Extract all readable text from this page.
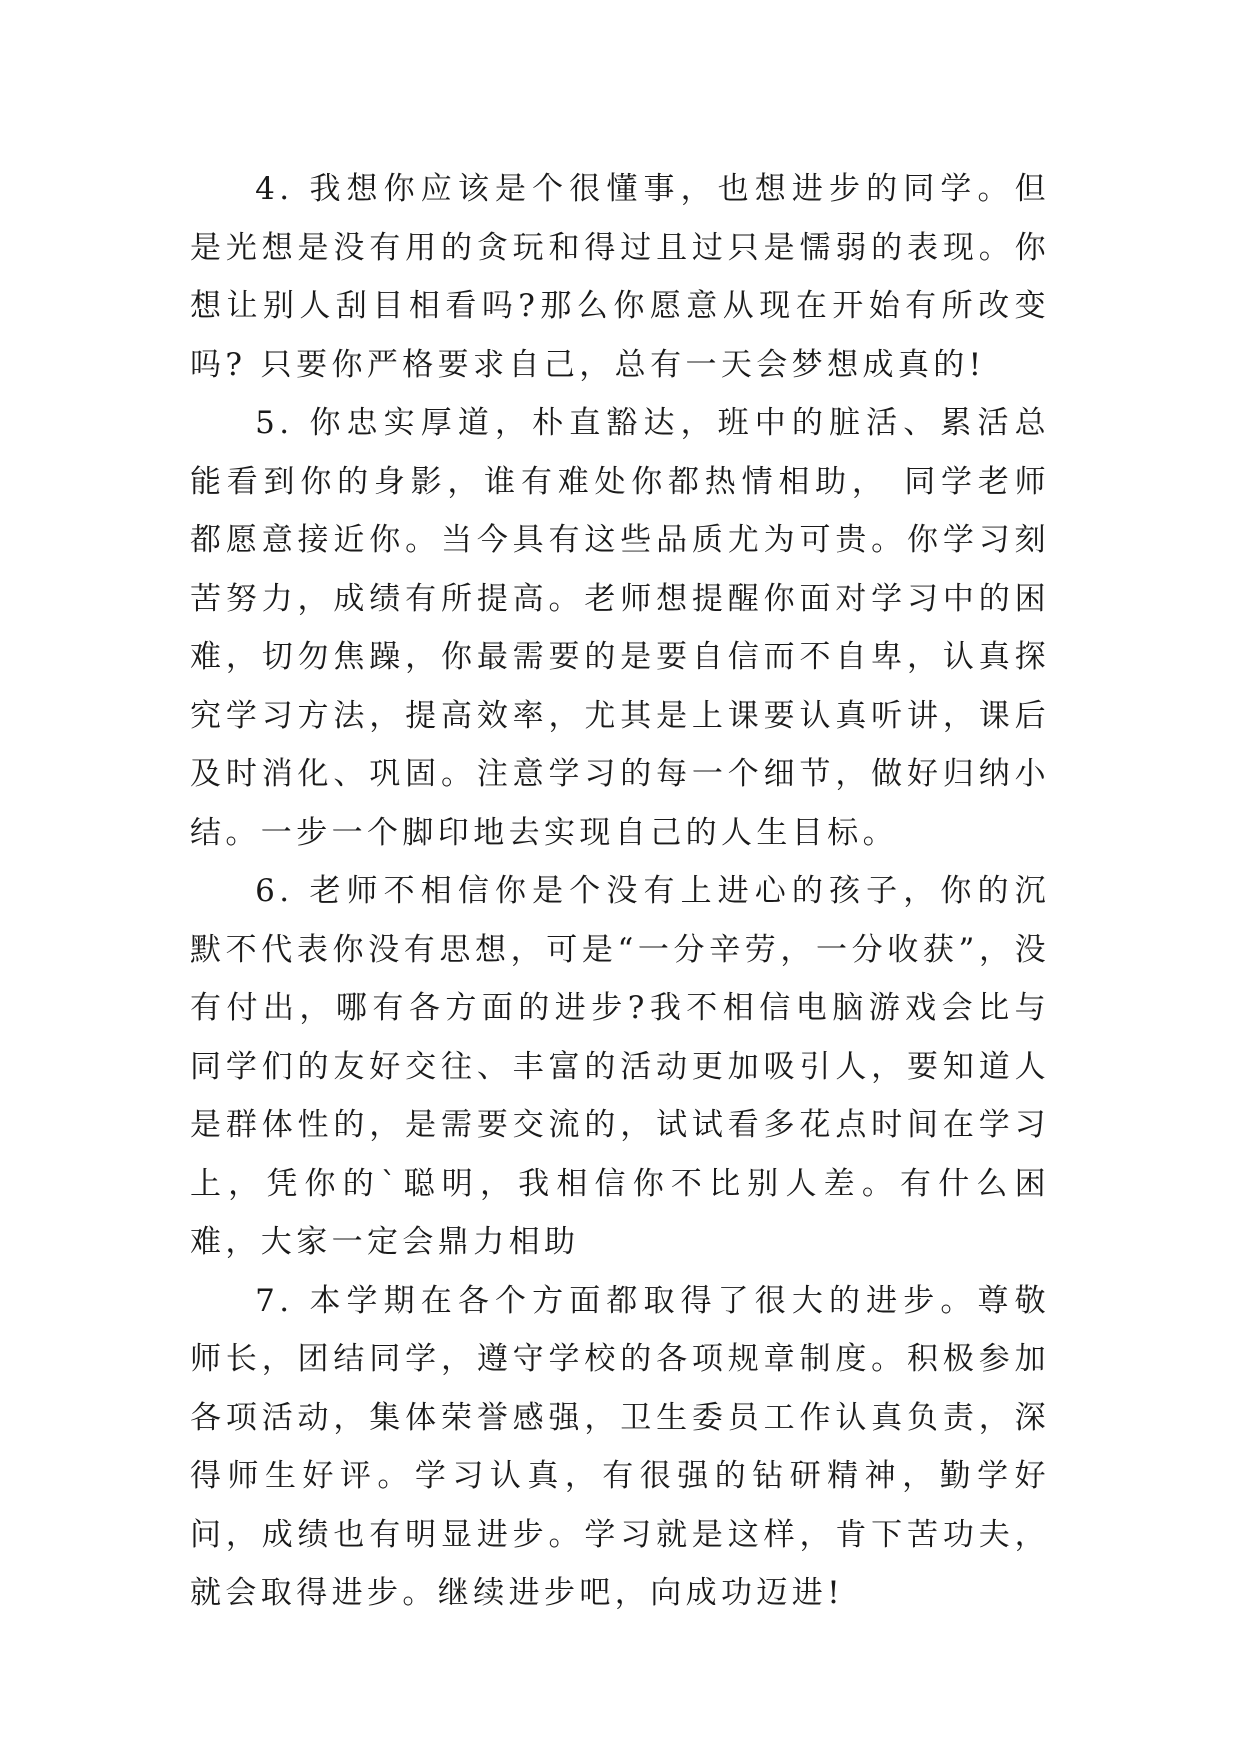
4. 我想你应该是个很懂事，也想进步的同学。但是光想是没有用的贪玩和得过且过只是懦弱的表现。你想让别人刮目相看吗?那么你愿意从现在开始有所改变吗? 只要你严格要求自己，总有一天会梦想成真的!

5. 你忠实厚道，朴直豁达，班中的脏活、累活总能看到你的身影，谁有难处你都热情相助， 同学老师都愿意接近你。当今具有这些品质尤为可贵。你学习刻苦努力，成绩有所提高。老师想提醒你面对学习中的困难，切勿焦躁，你最需要的是要自信而不自卑，认真探究学习方法，提高效率，尤其是上课要认真听讲，课后及时消化、巩固。注意学习的每一个细节，做好归纳小结。一步一个脚印地去实现自己的人生目标。

6. 老师不相信你是个没有上进心的孩子，你的沉默不代表你没有思想，可是“一分辛劳，一分收获”，没有付出，哪有各方面的进步?我不相信电脑游戏会比与同学们的友好交往、丰富的活动更加吸引人，要知道人是群体性的，是需要交流的，试试看多花点时间在学习上，凭你的`聪明，我相信你不比别人差。有什么困难，大家一定会鼎力相助

7. 本学期在各个方面都取得了很大的进步。尊敬师长，团结同学，遵守学校的各项规章制度。积极参加各项活动，集体荣誉感强，卫生委员工作认真负责，深得师生好评。学习认真，有很强的钻研精神，勤学好问，成绩也有明显进步。学习就是这样，肯下苦功夫，就会取得进步。继续进步吧，向成功迈进!
